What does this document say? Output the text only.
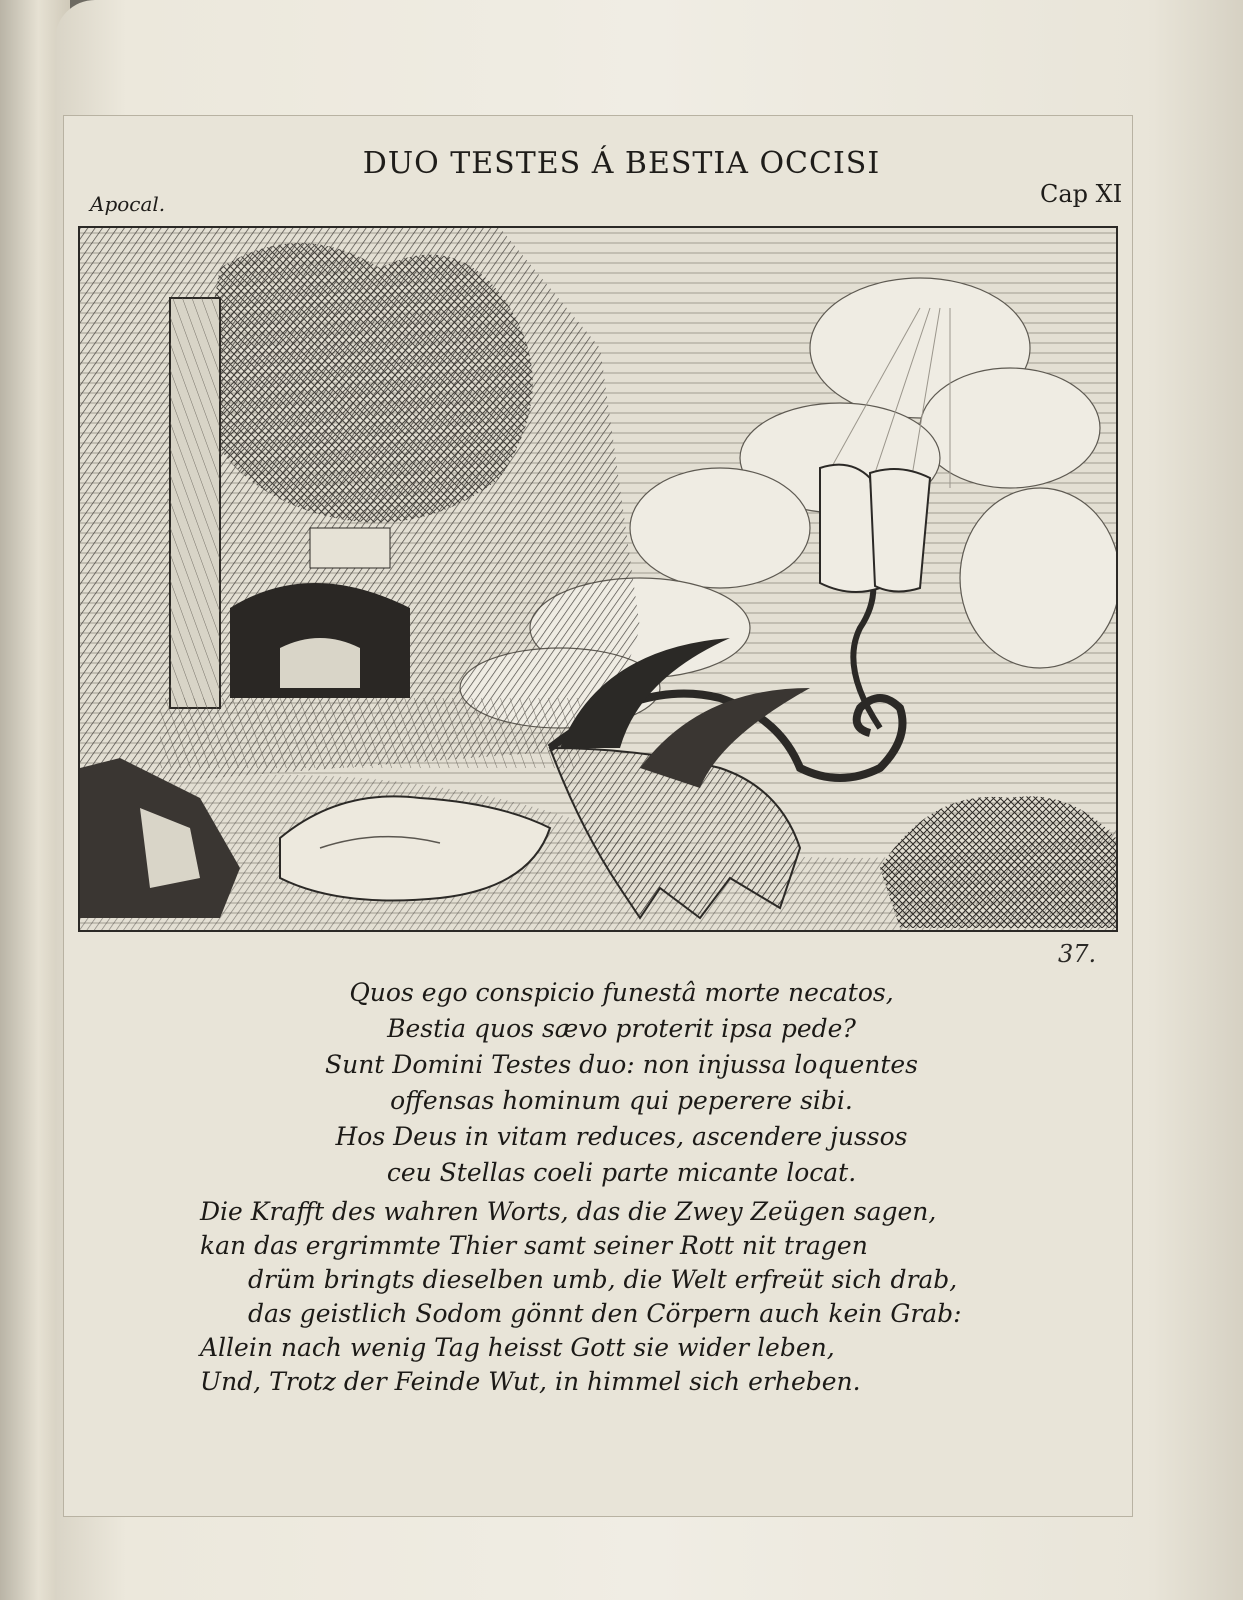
DUO TESTES Á BESTIA OCCISI
Apocal.	Cap XI
37.
Quos ego conspicio funestâ morte necatos,
Bestia quos sævo proterit ipsa pede?
Sunt Domini Testes duo: non injussa loquentes
offensas hominum qui peperere sibi.
Hos Deus in vitam reduces, ascendere jussos
ceu Stellas coeli parte micante locat.
Die Krafft des wahren Worts, das die Zwey Zeügen sagen,
kan das ergrimmte Thier samt seiner Rott nit tragen
drüm bringts dieselben umb, die Welt erfreüt sich drab,
das geistlich Sodom gönnt den Cörpern auch kein Grab:
Allein nach wenig Tag heisst Gott sie wider leben,
Und, Trotz der Feinde Wut, in himmel sich erheben.
